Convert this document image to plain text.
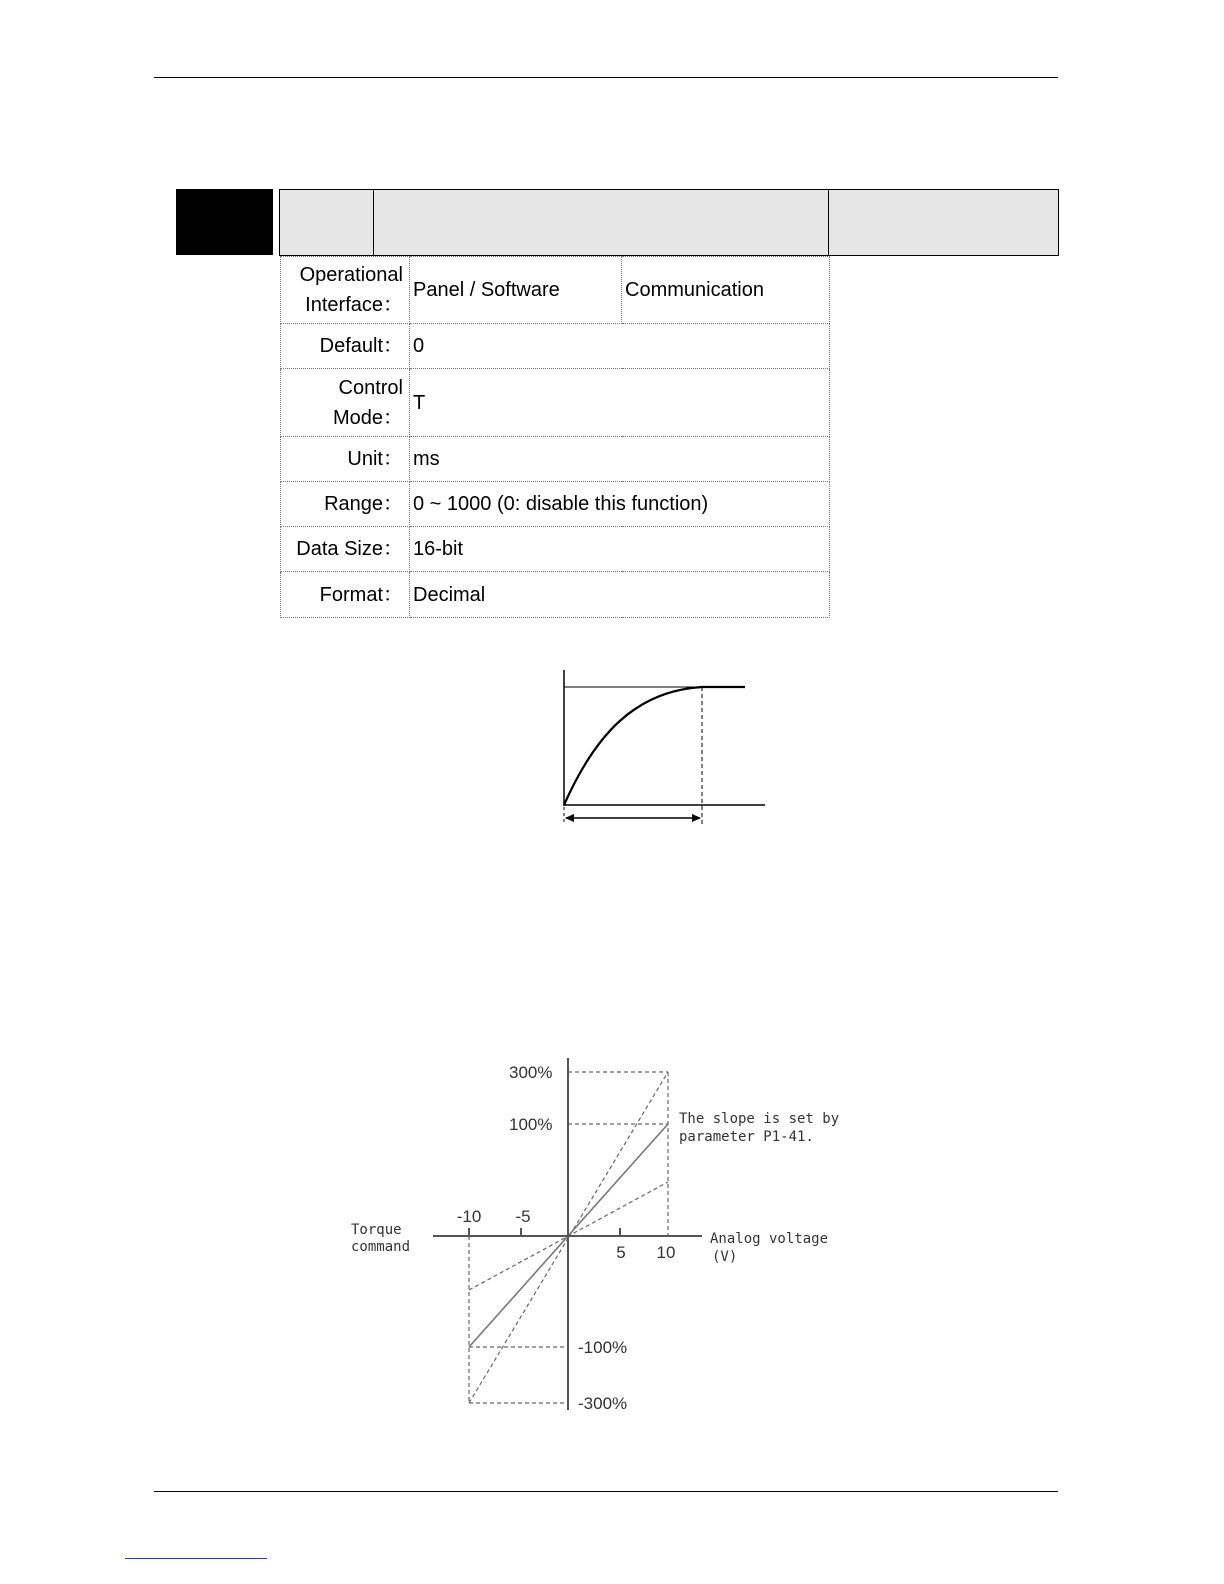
Operational
Interface：	Panel / Software	Communication
Default：	0	

Control
Mode：	T	
Unit：	ms	
Range：	0 ~ 1000 (0: disable this function)	
Data Size：	16-bit	
Format：	Decimal	
300%
100%
-100%
-300%
-10 -5
5 10
Torque
command	Analog voltage
(V)
The slope is set by
parameter P1-41.
